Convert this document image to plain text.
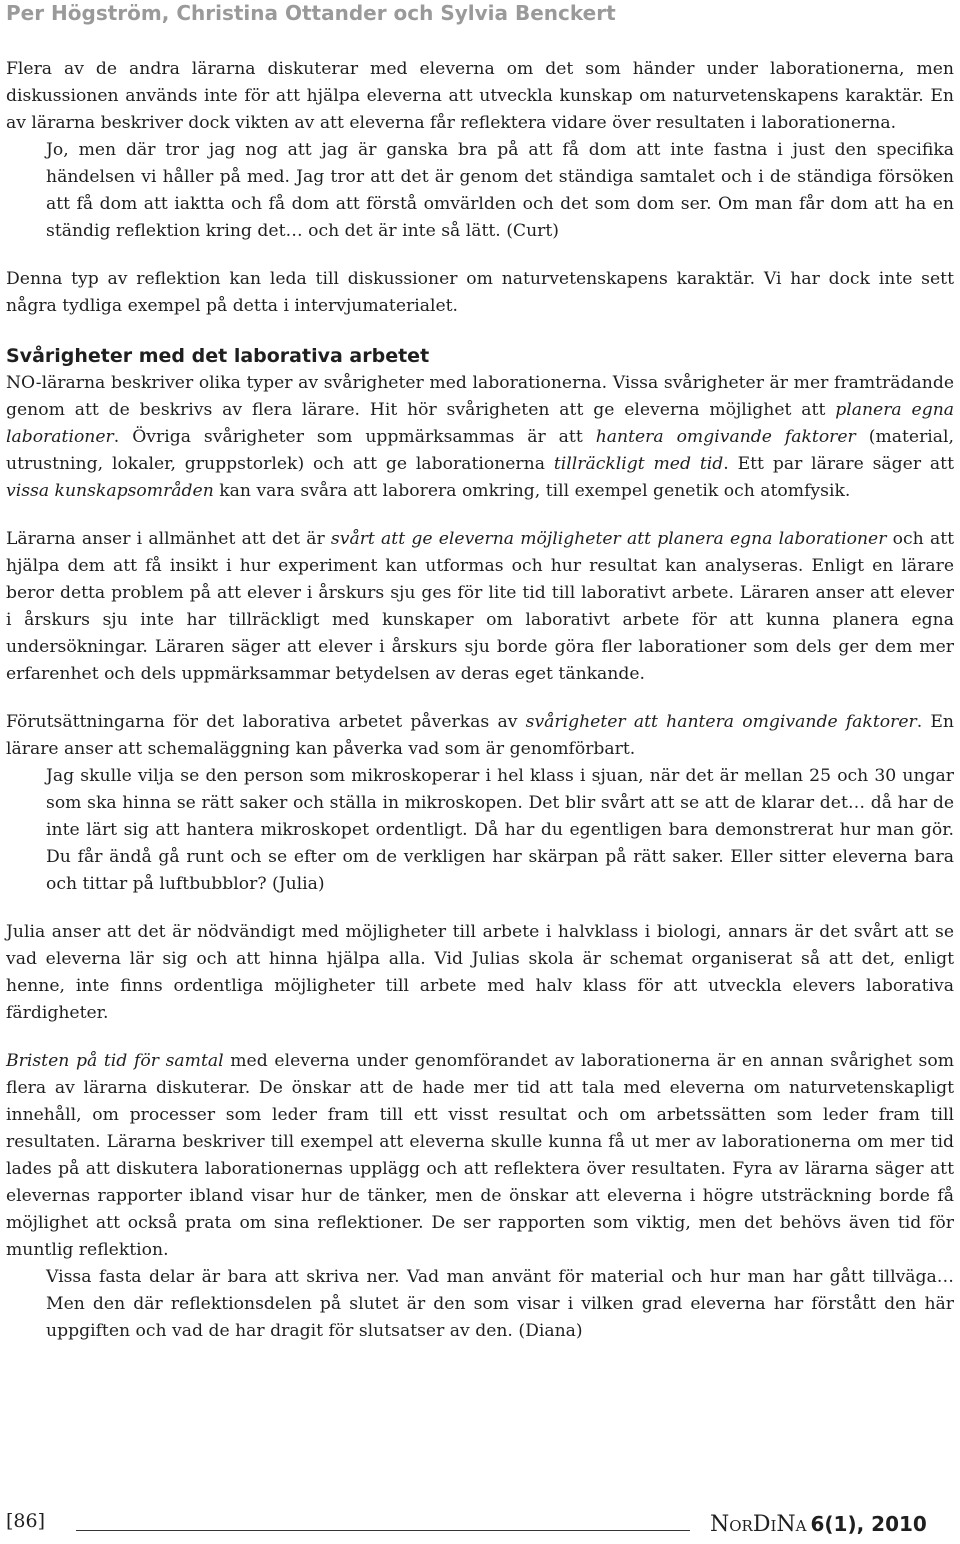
Per Högström, Christina Ottander och Sylvia Benckert

Flera av de andra lärarna diskuterar med eleverna om det som händer under laborationerna, men diskussionen används inte för att hjälpa eleverna att utveckla kunskap om naturvetenskapens karaktär. En av lärarna beskriver dock vikten av att eleverna får reflektera vidare över resultaten i laborationerna.

Jo, men där tror jag nog att jag är ganska bra på att få dom att inte fastna i just den specifika händelsen vi håller på med. Jag tror att det är genom det ständiga samtalet och i de ständiga försöken att få dom att iaktta och få dom att förstå omvärlden och det som dom ser. Om man får dom att ha en ständig reflektion kring det… och det är inte så lätt. (Curt)

Denna typ av reflektion kan leda till diskussioner om naturvetenskapens karaktär. Vi har dock inte sett några tydliga exempel på detta i intervjumaterialet.

Svårigheter med det laborativa arbetet

NO-lärarna beskriver olika typer av svårigheter med laborationerna. Vissa svårigheter är mer framträdande genom att de beskrivs av flera lärare. Hit hör svårigheten att ge eleverna möjlighet att planera egna laborationer. Övriga svårigheter som uppmärksammas är att hantera omgivande faktorer (material, utrustning, lokaler, gruppstorlek) och att ge laborationerna tillräckligt med tid. Ett par lärare säger att vissa kunskapsområden kan vara svåra att laborera omkring, till exempel genetik och atomfysik.

Lärarna anser i allmänhet att det är svårt att ge eleverna möjligheter att planera egna laborationer och att hjälpa dem att få insikt i hur experiment kan utformas och hur resultat kan analyseras. Enligt en lärare beror detta problem på att elever i årskurs sju ges för lite tid till laborativt arbete. Läraren anser att elever i årskurs sju inte har tillräckligt med kunskaper om laborativt arbete för att kunna planera egna undersökningar. Läraren säger att elever i årskurs sju borde göra fler laborationer som dels ger dem mer erfarenhet och dels uppmärksammar betydelsen av deras eget tänkande.

Förutsättningarna för det laborativa arbetet påverkas av svårigheter att hantera omgivande faktorer. En lärare anser att schemaläggning kan påverka vad som är genomförbart.

Jag skulle vilja se den person som mikroskoperar i hel klass i sjuan, när det är mellan 25 och 30 ungar som ska hinna se rätt saker och ställa in mikroskopen. Det blir svårt att se att de klarar det… då har de inte lärt sig att hantera mikroskopet ordentligt. Då har du egentligen bara demonstrerat hur man gör. Du får ändå gå runt och se efter om de verkligen har skärpan på rätt saker. Eller sitter eleverna bara och tittar på luftbubblor? (Julia)

Julia anser att det är nödvändigt med möjligheter till arbete i halvklass i biologi, annars är det svårt att se vad eleverna lär sig och att hinna hjälpa alla. Vid Julias skola är schemat organiserat så att det, enligt henne, inte finns ordentliga möjligheter till arbete med halv klass för att utveckla elevers laborativa färdigheter.

Bristen på tid för samtal med eleverna under genomförandet av laborationerna är en annan svårighet som flera av lärarna diskuterar. De önskar att de hade mer tid att tala med eleverna om naturvetenskapligt innehåll, om processer som leder fram till ett visst resultat och om arbetssätten som leder fram till resultaten. Lärarna beskriver till exempel att eleverna skulle kunna få ut mer av laborationerna om mer tid lades på att diskutera laborationernas upplägg och att reflektera över resultaten. Fyra av lärarna säger att elevernas rapporter ibland visar hur de tänker, men de önskar att eleverna i högre utsträckning borde få möjlighet att också prata om sina reflektioner. De ser rapporten som viktig, men det behövs även tid för muntlig reflektion.

Vissa fasta delar är bara att skriva ner. Vad man använt för material och hur man har gått tillväga… Men den där reflektionsdelen på slutet är den som visar i vilken grad eleverna har förstått den här uppgiften och vad de har dragit för slutsatser av den. (Diana)

[86]	NorDiNa 6(1), 2010
